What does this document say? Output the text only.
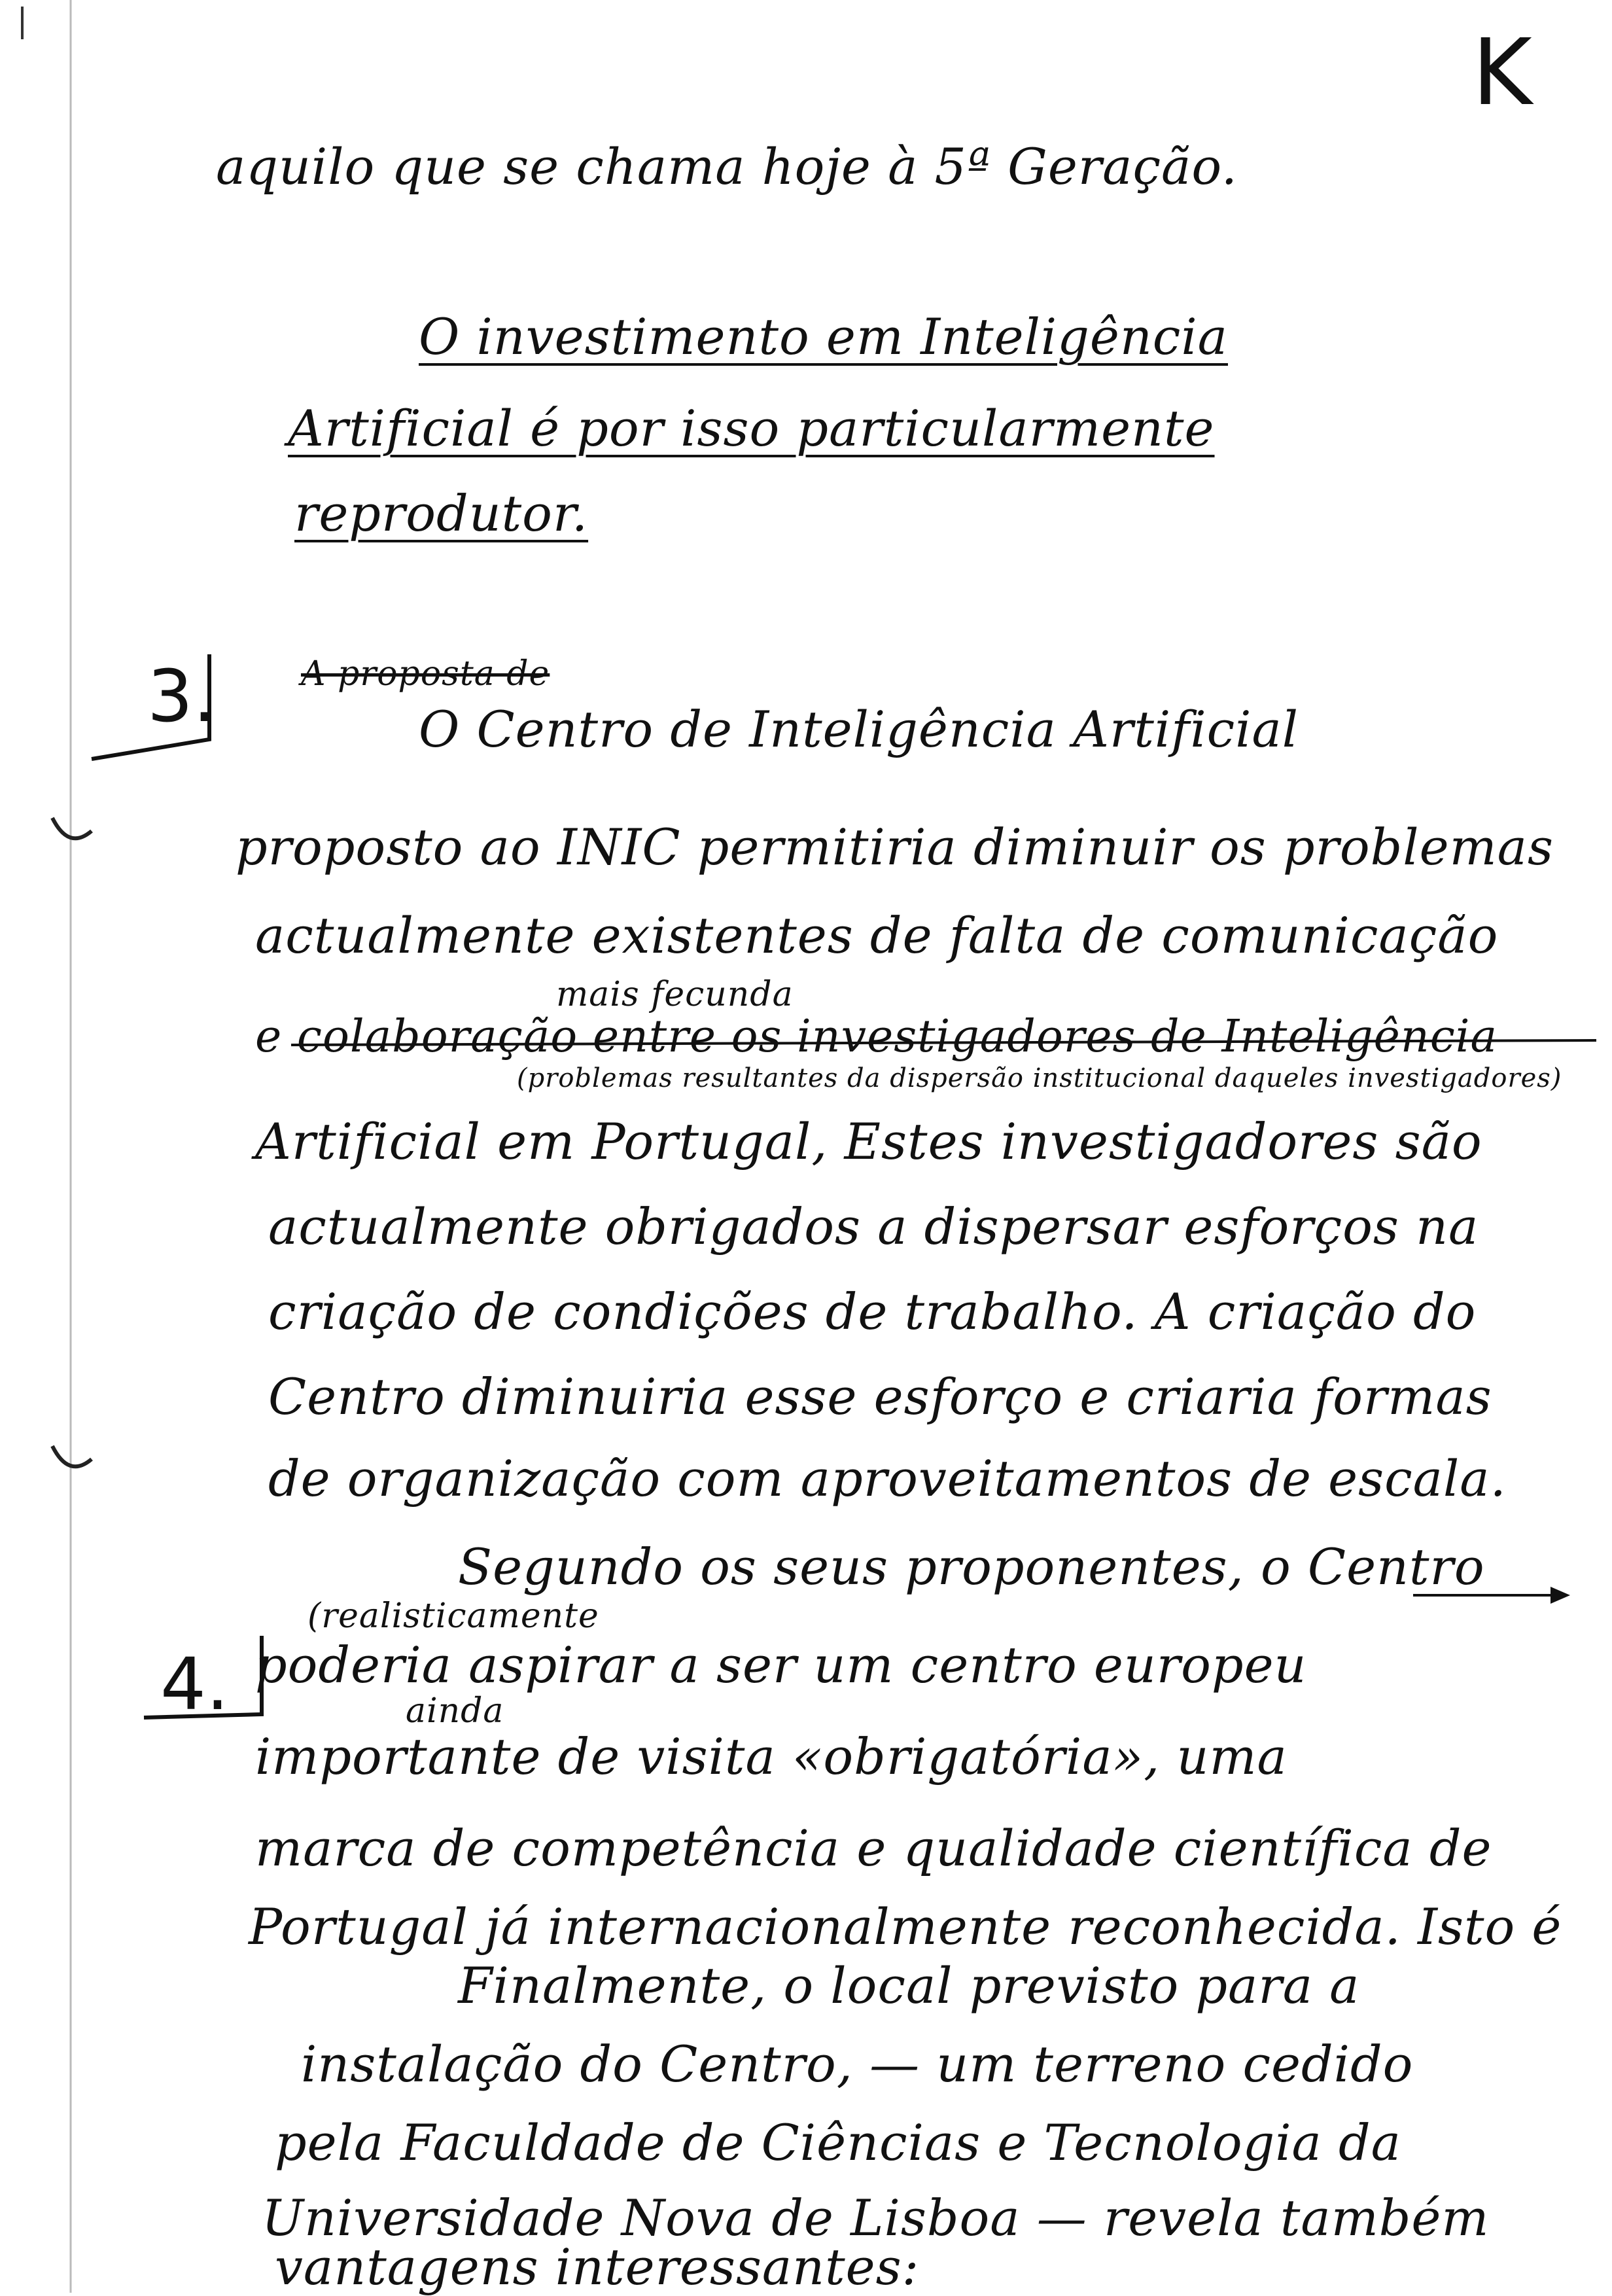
K
aquilo que se chama hoje à 5ª Geração.
O investimento em Inteligência
Artificial é por isso particularmente
reprodutor.
3.	A proposta de
O Centro de Inteligência Artificial
proposto ao INIC permitiria diminuir os problemas
actualmente existentes de falta de comunicação
mais fecunda
e colaboração entre os investigadores de Inteligência
(problemas resultantes da dispersão institucional daqueles investigadores)
Artificial em Portugal, Estes investigadores são
actualmente obrigados a dispersar esforços na
criação de condições de trabalho. A criação do
Centro diminuiria esse esforço e criaria formas
de organização com aproveitamentos de escala.
Segundo os seus proponentes, o Centro
(realisticamente
poderia aspirar a ser um centro europeu
ainda
importante de visita «obrigatória», uma
marca de competência e qualidade científica de
Portugal já internacionalmente reconhecida. Isto é
4.
Finalmente, o local previsto para a
instalação do Centro, — um terreno cedido
pela Faculdade de Ciências e Tecnologia da
Universidade Nova de Lisboa — revela também
vantagens interessantes:
